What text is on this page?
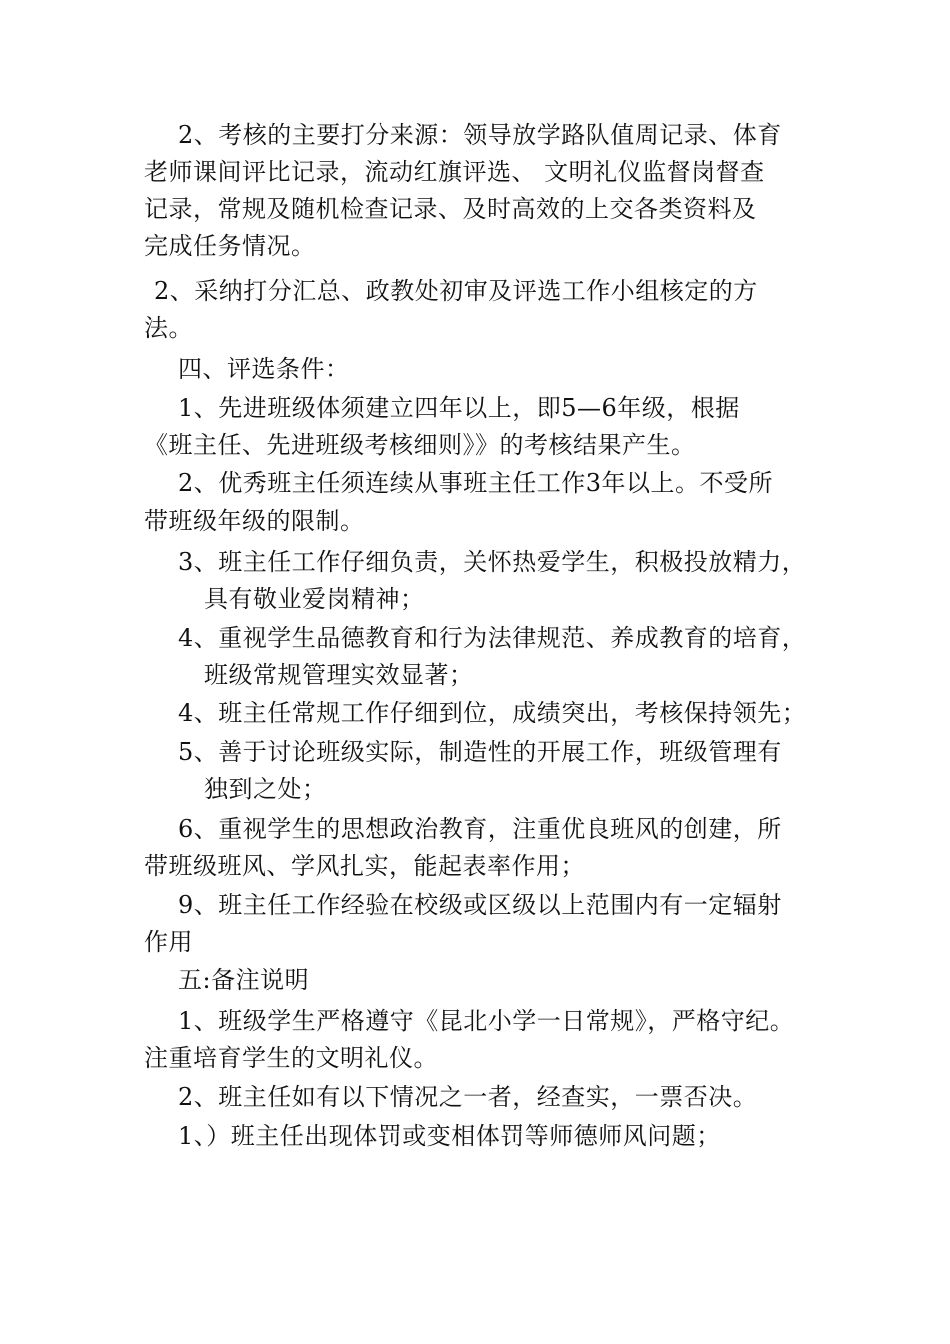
2、考核的主要打分来源：领导放学路队值周记录、体育
老师课间评比记录，流动红旗评选、 文明礼仪监督岗督查
记录，常规及随机检查记录、及时高效的上交各类资料及
完成任务情况。
2、采纳打分汇总、政教处初审及评选工作小组核定的方
法。
四、评选条件：
1、先进班级体须建立四年以上，即5—6年级，根据
《班主任、先进班级考核细则》》的考核结果产生。
2、优秀班主任须连续从事班主任工作3年以上。不受所
带班级年级的限制。
3、班主任工作仔细负责，关怀热爱学生，积极投放精力，
具有敬业爱岗精神；
4、重视学生品德教育和行为法律规范、养成教育的培育，
班级常规管理实效显著；
4、班主任常规工作仔细到位，成绩突出，考核保持领先；
5、善于讨论班级实际，制造性的开展工作，班级管理有
独到之处；
6、重视学生的思想政治教育，注重优良班风的创建，所
带班级班风、学风扎实，能起表率作用；
9、班主任工作经验在校级或区级以上范围内有一定辐射
作用
五:备注说明
1、班级学生严格遵守《昆北小学一日常规》，严格守纪。
注重培育学生的文明礼仪。
2、班主任如有以下情况之一者，经查实，一票否决。
1、）班主任出现体罚或变相体罚等师德师风问题；
